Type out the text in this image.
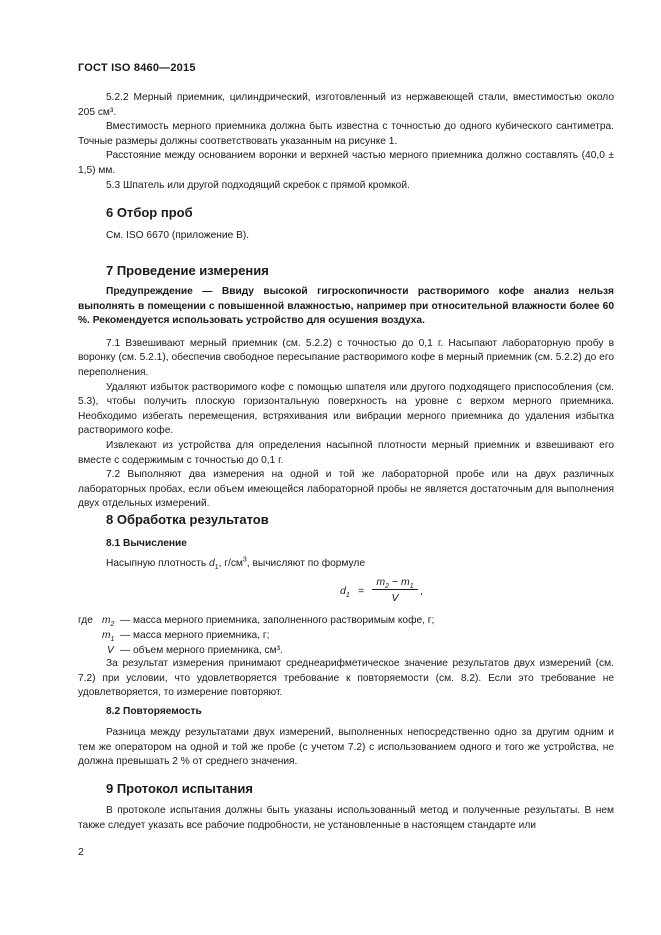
ГОСТ ISO 8460—2015

5.2.2 Мерный приемник, цилиндрический, изготовленный из нержавеющей стали, вместимостью около 205 см³.

Вместимость мерного приемника должна быть известна с точностью до одного кубического сантиметра. Точные размеры должны соответствовать указанным на рисунке 1.

Расстояние между основанием воронки и верхней частью мерного приемника должно составлять (40,0 ± 1,5) мм.

5.3 Шпатель или другой подходящий скребок с прямой кромкой.

6 Отбор проб

См. ISO 6670 (приложение В).

7 Проведение измерения

Предупреждение — Ввиду высокой гигроскопичности растворимого кофе анализ нельзя выполнять в помещении с повышенной влажностью, например при относительной влажности более 60 %. Рекомендуется использовать устройство для осушения воздуха.

7.1 Взвешивают мерный приемник (см. 5.2.2) с точностью до 0,1 г. Насыпают лабораторную пробу в воронку (см. 5.2.1), обеспечив свободное пересыпание растворимого кофе в мерный приемник (см. 5.2.2) до его переполнения.

Удаляют избыток растворимого кофе с помощью шпателя или другого подходящего приспособления (см. 5.3), чтобы получить плоскую горизонтальную поверхность на уровне с верхом мерного приемника. Необходимо избегать перемещения, встряхивания или вибрации мерного приемника до удаления избытка растворимого кофе.

Извлекают из устройства для определения насыпной плотности мерный приемник и взвешивают его вместе с содержимым с точностью до 0,1 г.

7.2 Выполняют два измерения на одной и той же лабораторной пробе или на двух различных лабораторных пробах, если объем имеющейся лабораторной пробы не является достаточным для выполнения двух отдельных измерений.

8 Обработка результатов
8.1 Вычисление

Насыпную плотность $d_1$, $г/см^3$, вычисляют по формуле

$d_1$ =
$m_2 - m_1$
V
,
где $m_2$ — масса мерного приемника, заполненного растворимым кофе, г;
$m_1$ — масса мерного приемника, г;
V — объем мерного приемника, см³.

За результат измерения принимают среднеарифметическое значение результатов двух измерений (см. 7.2) при условии, что удовлетворяется требование к повторяемости (см. 8.2). Если это требование не удовлетворяется, то измерение повторяют.

8.2 Повторяемость

Разница между результатами двух измерений, выполненных непосредственно одно за другим одним и тем же оператором на одной и той же пробе (с учетом 7.2) с использованием одного и того же устройства, не должна превышать 2 % от среднего значения.

9 Протокол испытания

В протоколе испытания должны быть указаны использованный метод и полученные результаты. В нем также следует указать все рабочие подробности, не установленные в настоящем стандарте или

2
